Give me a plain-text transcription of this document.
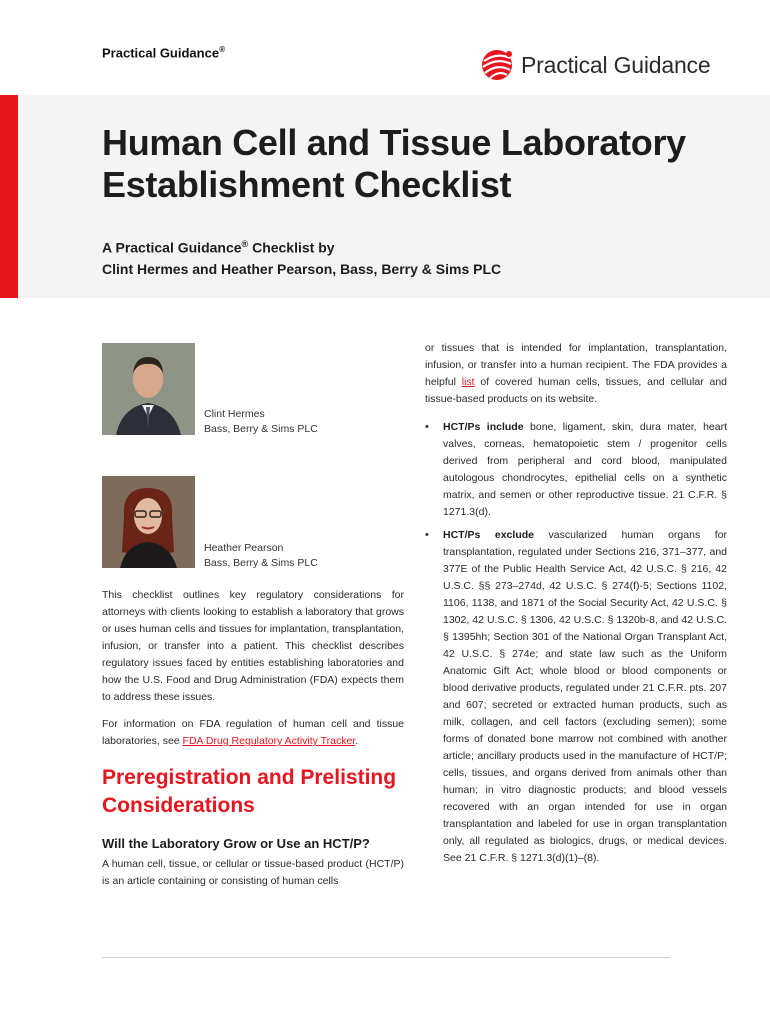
Practical Guidance®
Practical Guidance
Human Cell and Tissue Laboratory Establishment Checklist
A Practical Guidance® Checklist by
Clint Hermes and Heather Pearson, Bass, Berry & Sims PLC
Clint Hermes
Bass, Berry & Sims PLC
Heather Pearson
Bass, Berry & Sims PLC
This checklist outlines key regulatory considerations for attorneys with clients looking to establish a laboratory that grows or uses human cells and tissues for implantation, transplantation, infusion, or transfer into a patient. This checklist describes regulatory issues faced by entities establishing laboratories and how the U.S. Food and Drug Administration (FDA) expects them to address these issues.
For information on FDA regulation of human cell and tissue laboratories, see FDA Drug Regulatory Activity Tracker.
Preregistration and Prelisting Considerations
Will the Laboratory Grow or Use an HCT/P?
A human cell, tissue, or cellular or tissue-based product (HCT/P) is an article containing or consisting of human cells
or tissues that is intended for implantation, transplantation, infusion, or transfer into a human recipient. The FDA provides a helpful list of covered human cells, tissues, and cellular and tissue-based products on its website.
• HCT/Ps include bone, ligament, skin, dura mater, heart valves, corneas, hematopoietic stem / progenitor cells derived from peripheral and cord blood, manipulated autologous chondrocytes, epithelial cells on a synthetic matrix, and semen or other reproductive tissue. 21 C.F.R. § 1271.3(d).
• HCT/Ps exclude vascularized human organs for transplantation, regulated under Sections 216, 371–377, and 377E of the Public Health Service Act, 42 U.S.C. § 216, 42 U.S.C. §§ 273–274d, 42 U.S.C. § 274(f)-5; Sections 1102, 1106, 1138, and 1871 of the Social Security Act, 42 U.S.C. § 1302, 42 U.S.C. § 1306, 42 U.S.C. § 1320b-8, and 42 U.S.C. § 1395hh; Section 301 of the National Organ Transplant Act, 42 U.S.C. § 274e; and state law such as the Uniform Anatomic Gift Act; whole blood or blood components or blood derivative products, regulated under 21 C.F.R. pts. 207 and 607; secreted or extracted human products, such as milk, collagen, and cell factors (excluding semen); some forms of donated bone marrow not combined with another article; ancillary products used in the manufacture of HCT/P; cells, tissues, and organs derived from animals other than human; in vitro diagnostic products; and blood vessels recovered with an organ intended for use in organ transplantation and labeled for use in organ transplantation only, all regulated as biologics, drugs, or medical devices. See 21 C.F.R. § 1271.3(d)(1)–(8).
